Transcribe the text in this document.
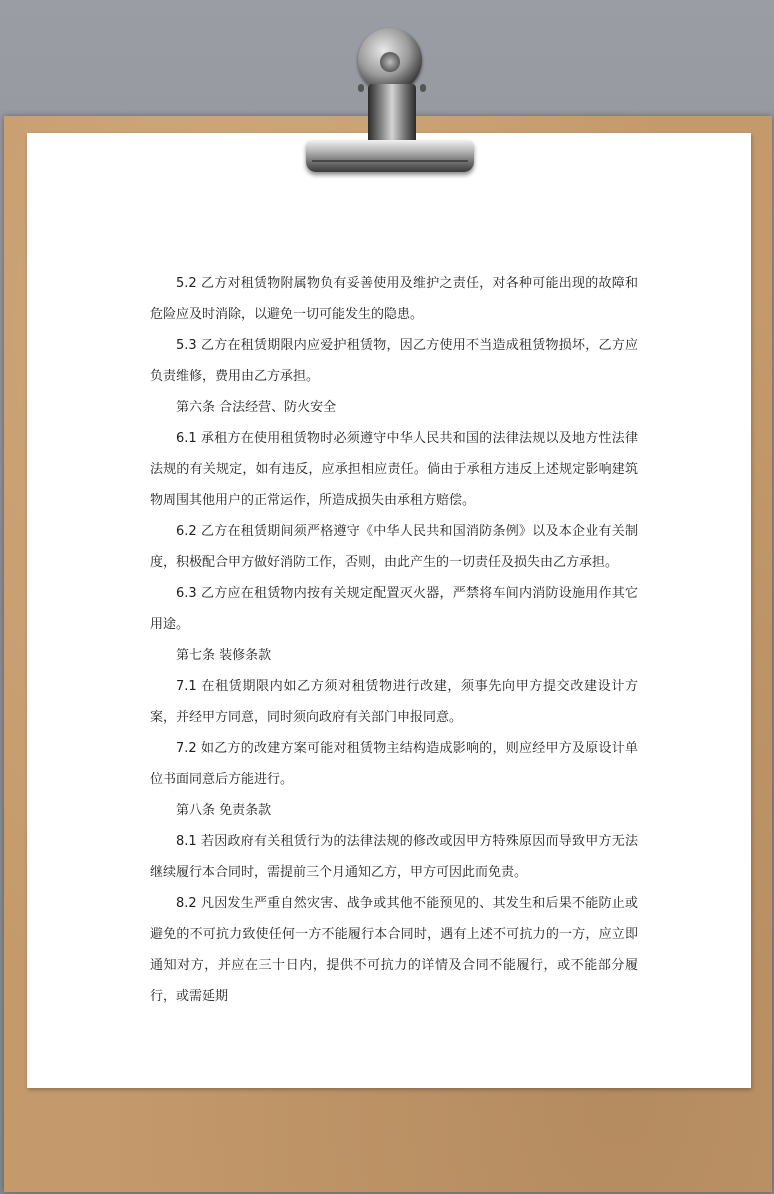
5.2 乙方对租赁物附属物负有妥善使用及维护之责任，对各种可能出现的故障和危险应及时消除，以避免一切可能发生的隐患。

5.3 乙方在租赁期限内应爱护租赁物，因乙方使用不当造成租赁物损坏，乙方应负责维修，费用由乙方承担。

第六条 合法经营、防火安全

6.1 承租方在使用租赁物时必须遵守中华人民共和国的法律法规以及地方性法律法规的有关规定，如有违反，应承担相应责任。倘由于承租方违反上述规定影响建筑物周围其他用户的正常运作，所造成损失由承租方赔偿。

6.2 乙方在租赁期间须严格遵守《中华人民共和国消防条例》以及本企业有关制度，积极配合甲方做好消防工作，否则，由此产生的一切责任及损失由乙方承担。

6.3 乙方应在租赁物内按有关规定配置灭火器，严禁将车间内消防设施用作其它用途。

第七条 装修条款

7.1 在租赁期限内如乙方须对租赁物进行改建，须事先向甲方提交改建设计方案，并经甲方同意，同时须向政府有关部门申报同意。

7.2 如乙方的改建方案可能对租赁物主结构造成影响的，则应经甲方及原设计单位书面同意后方能进行。

第八条 免责条款

8.1 若因政府有关租赁行为的法律法规的修改或因甲方特殊原因而导致甲方无法继续履行本合同时，需提前三个月通知乙方，甲方可因此而免责。

8.2 凡因发生严重自然灾害、战争或其他不能预见的、其发生和后果不能防止或避免的不可抗力致使任何一方不能履行本合同时，遇有上述不可抗力的一方，应立即通知对方，并应在三十日内，提供不可抗力的详情及合同不能履行，或不能部分履行，或需延期
